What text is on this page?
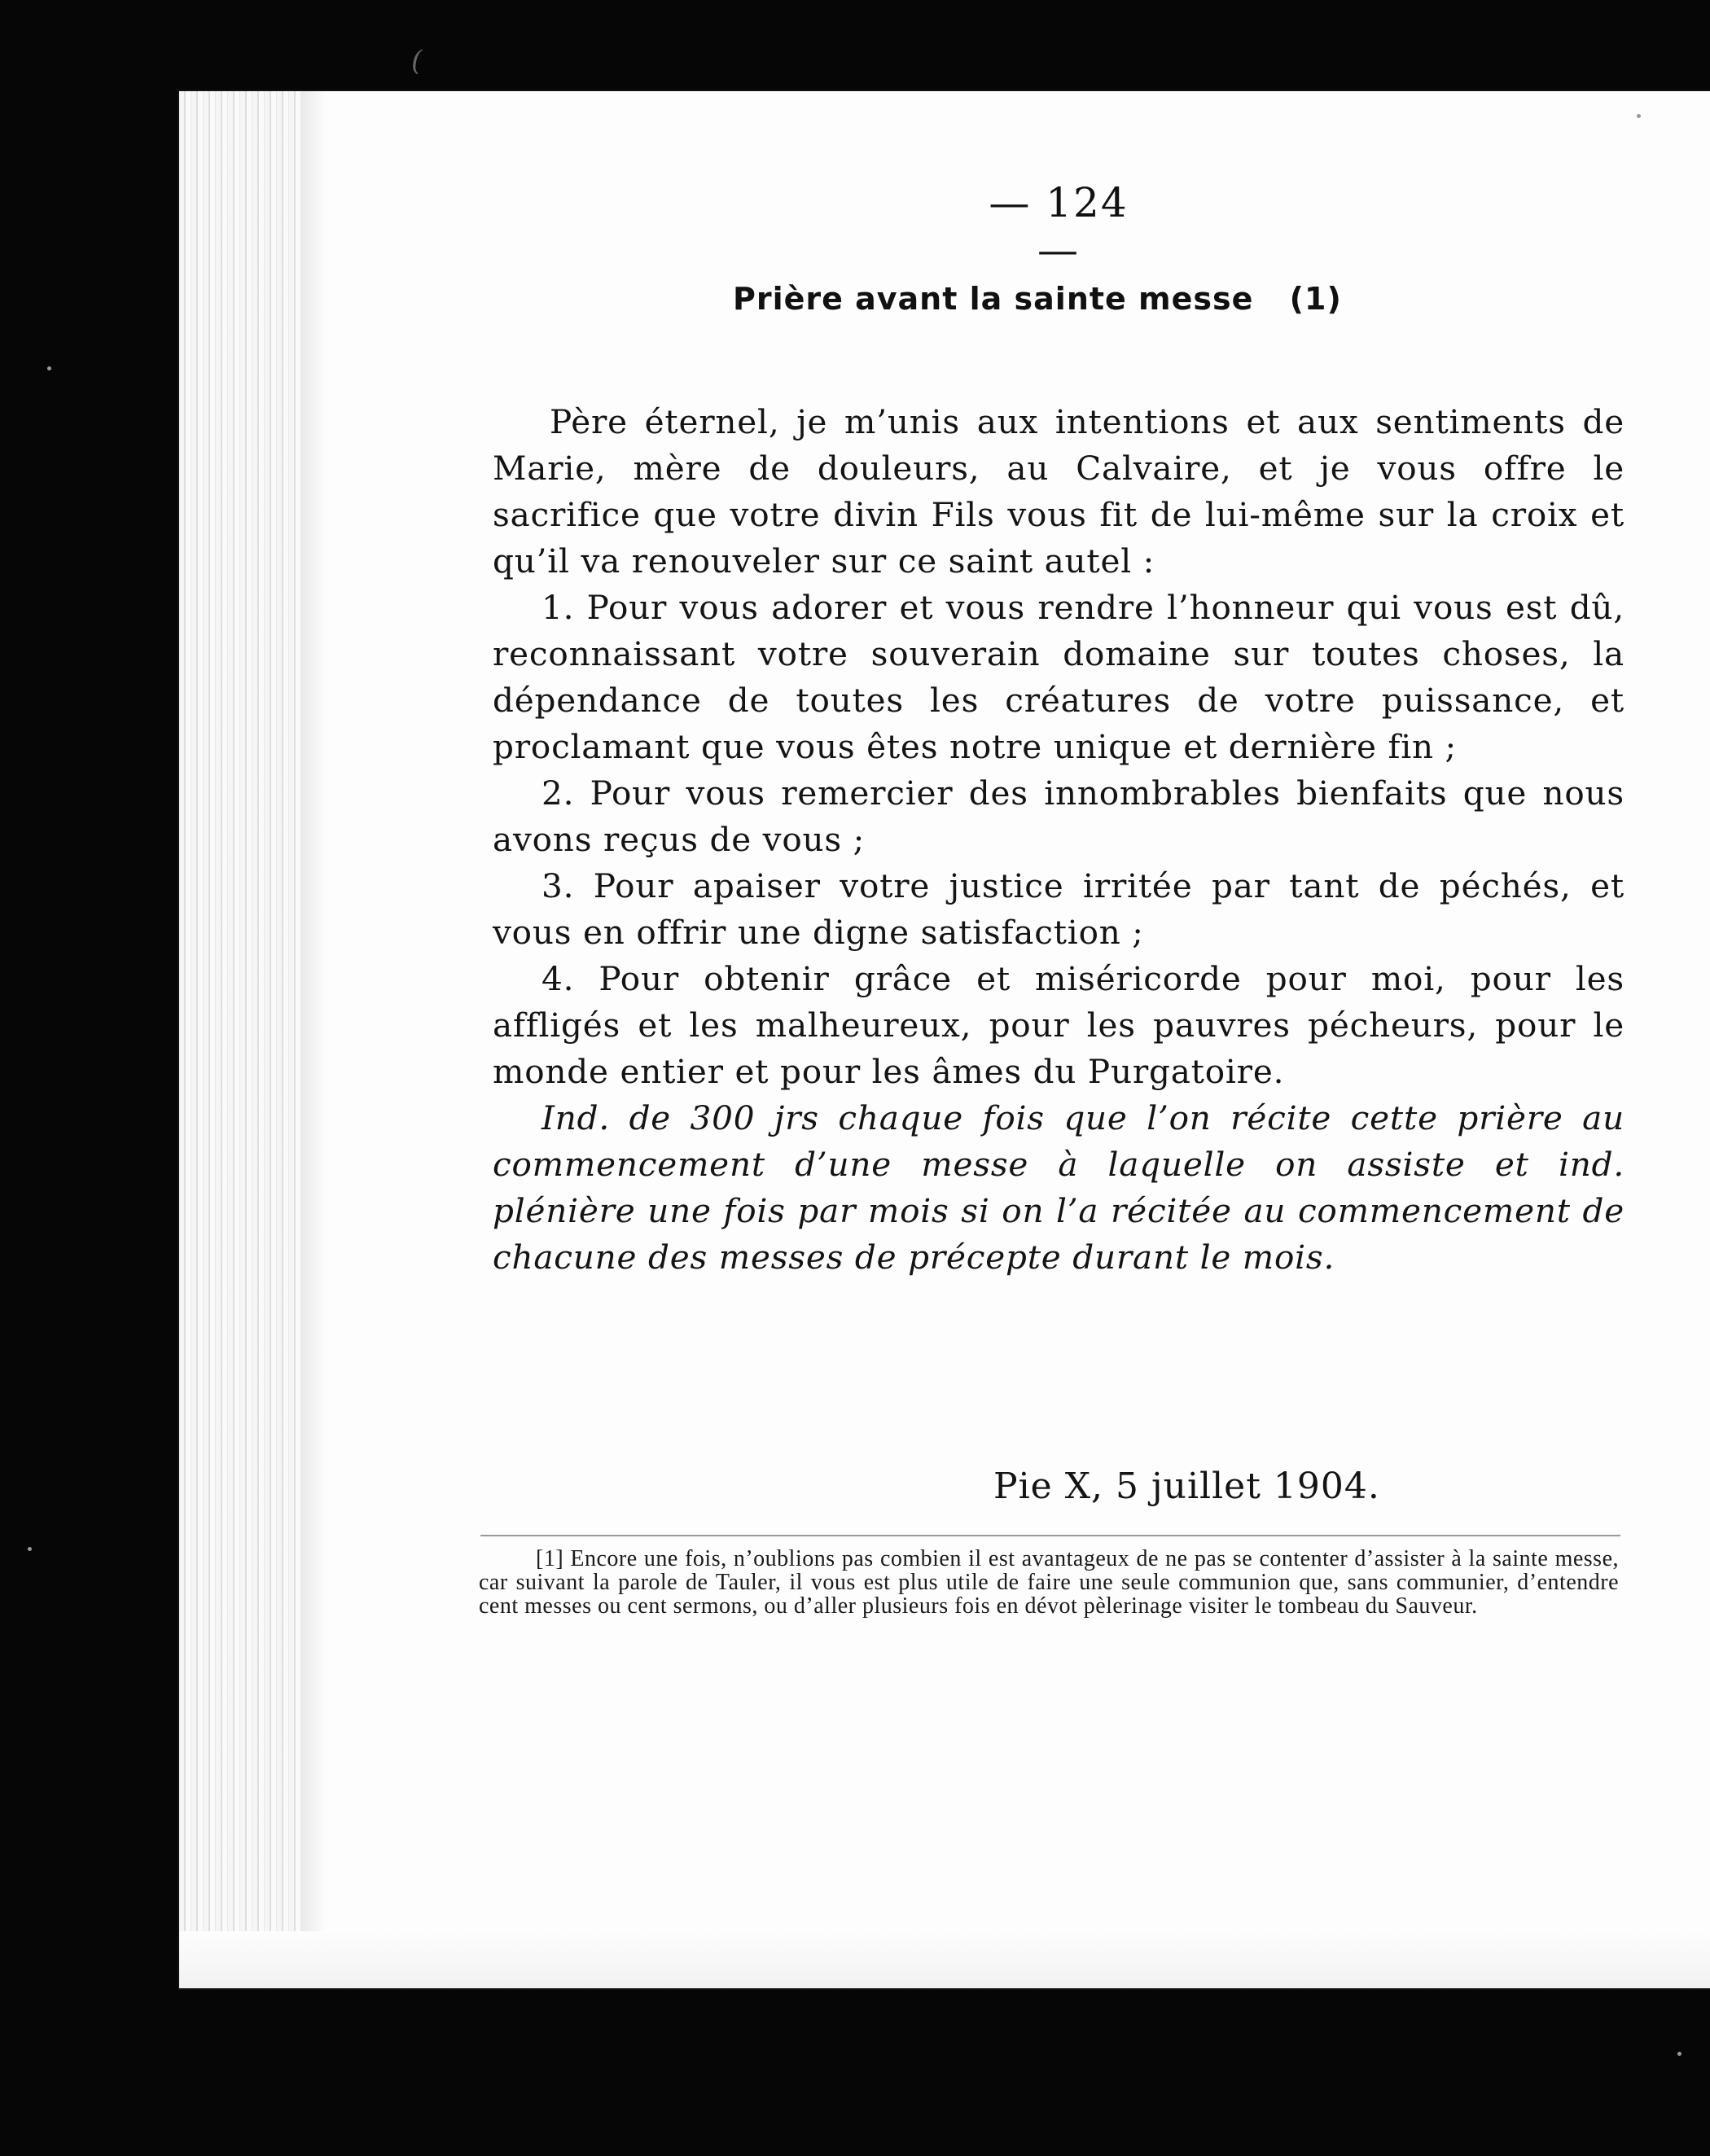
(
— 124 —
Prière avant la sainte messe (1)

Père éternel, je m’unis aux intentions et aux sentiments de Marie, mère de douleurs, au Calvaire, et je vous offre le sacrifice que votre divin Fils vous fit de lui-même sur la croix et qu’il va renouveler sur ce saint autel :

1. Pour vous adorer et vous rendre l’honneur qui vous est dû, reconnaissant votre souverain domaine sur toutes choses, la dépendance de toutes les créatures de votre puissance, et proclamant que vous êtes notre unique et dernière fin ;

2. Pour vous remercier des innombrables bienfaits que nous avons reçus de vous ;

3. Pour apaiser votre justice irritée par tant de péchés, et vous en offrir une digne satisfaction ;

4. Pour obtenir grâce et miséricorde pour moi, pour les affligés et les malheureux, pour les pauvres pécheurs, pour le monde entier et pour les âmes du Purgatoire.

Ind. de 300 jrs chaque fois que l’on récite cette prière au commencement d’une messe à laquelle on assiste et ind. plénière une fois par mois si on l’a récitée au commencement de chacune des messes de précepte durant le mois.

Pie X, 5 juillet 1904.

[1] Encore une fois, n’oublions pas combien il est avantageux de ne pas se contenter d’assister à la sainte messe, car suivant la parole de Tauler, il vous est plus utile de faire une seule communion que, sans communier, d’entendre cent messes ou cent sermons, ou d’aller plusieurs fois en dévot pèlerinage visiter le tombeau du Sauveur.
